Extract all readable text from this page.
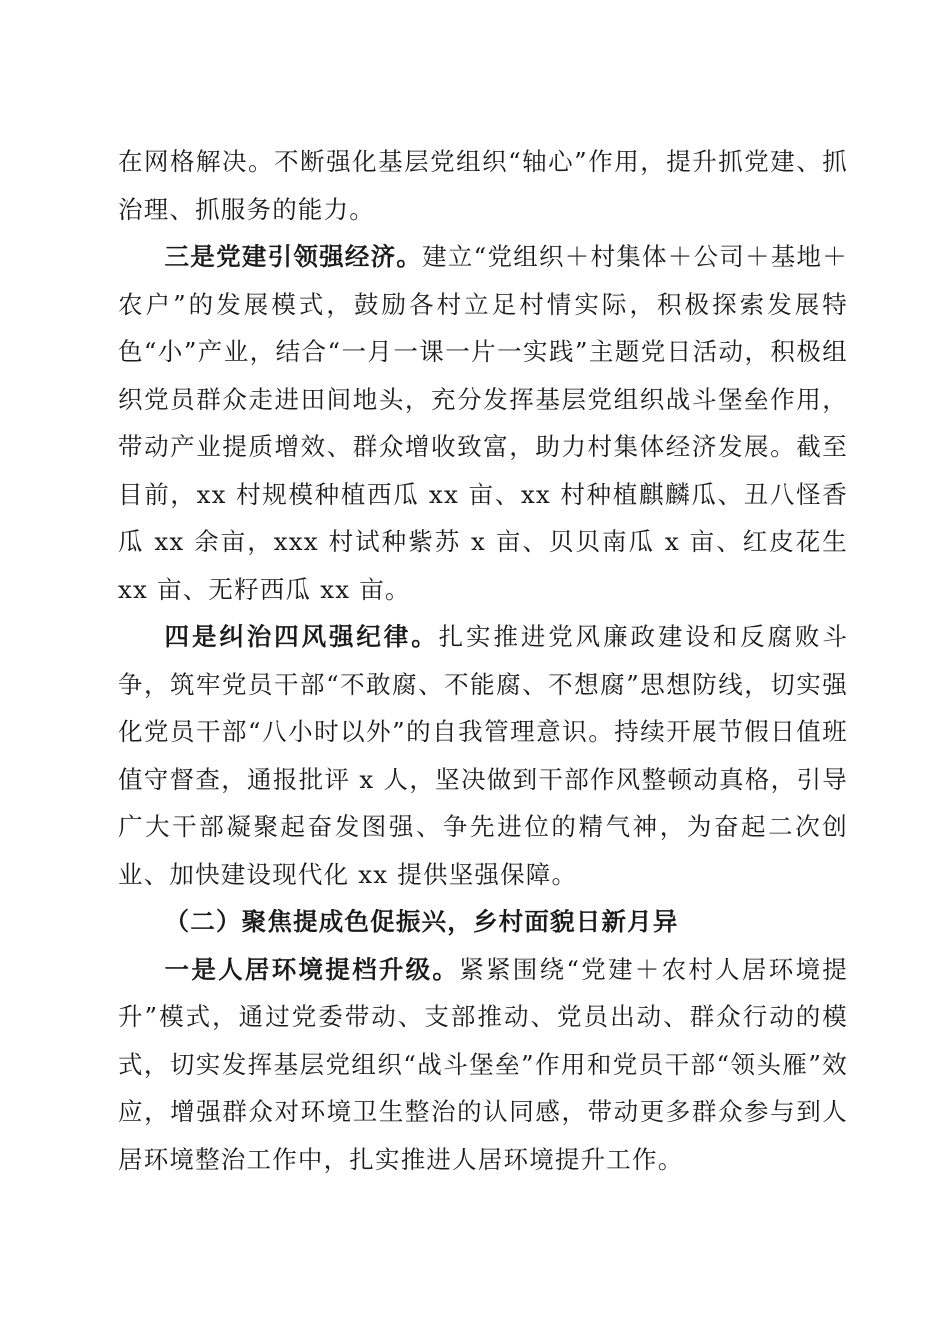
在网格解决。不断强化基层党组织“轴心”作用，提升抓党建、抓治理、抓服务的能力。

三是党建引领强经济。建立“党组织＋村集体＋公司＋基地＋农户”的发展模式，鼓励各村立足村情实际，积极探索发展特色“小”产业，结合“一月一课一片一实践”主题党日活动，积极组织党员群众走进田间地头，充分发挥基层党组织战斗堡垒作用，带动产业提质增效、群众增收致富，助力村集体经济发展。截至目前，xx 村规模种植西瓜 xx 亩、xx 村种植麒麟瓜、丑八怪香瓜 xx 余亩，xxx 村试种紫苏 x 亩、贝贝南瓜 x 亩、红皮花生 xx 亩、无籽西瓜 xx 亩。

四是纠治四风强纪律。扎实推进党风廉政建设和反腐败斗争，筑牢党员干部“不敢腐、不能腐、不想腐”思想防线，切实强化党员干部“八小时以外”的自我管理意识。持续开展节假日值班值守督查，通报批评 x 人，坚决做到干部作风整顿动真格，引导广大干部凝聚起奋发图强、争先进位的精气神，为奋起二次创业、加快建设现代化 xx 提供坚强保障。

（二）聚焦提成色促振兴，乡村面貌日新月异

一是人居环境提档升级。紧紧围绕“党建＋农村人居环境提升”模式，通过党委带动、支部推动、党员出动、群众行动的模式，切实发挥基层党组织“战斗堡垒”作用和党员干部“领头雁”效应，增强群众对环境卫生整治的认同感，带动更多群众参与到人居环境整治工作中，扎实推进人居环境提升工作。
